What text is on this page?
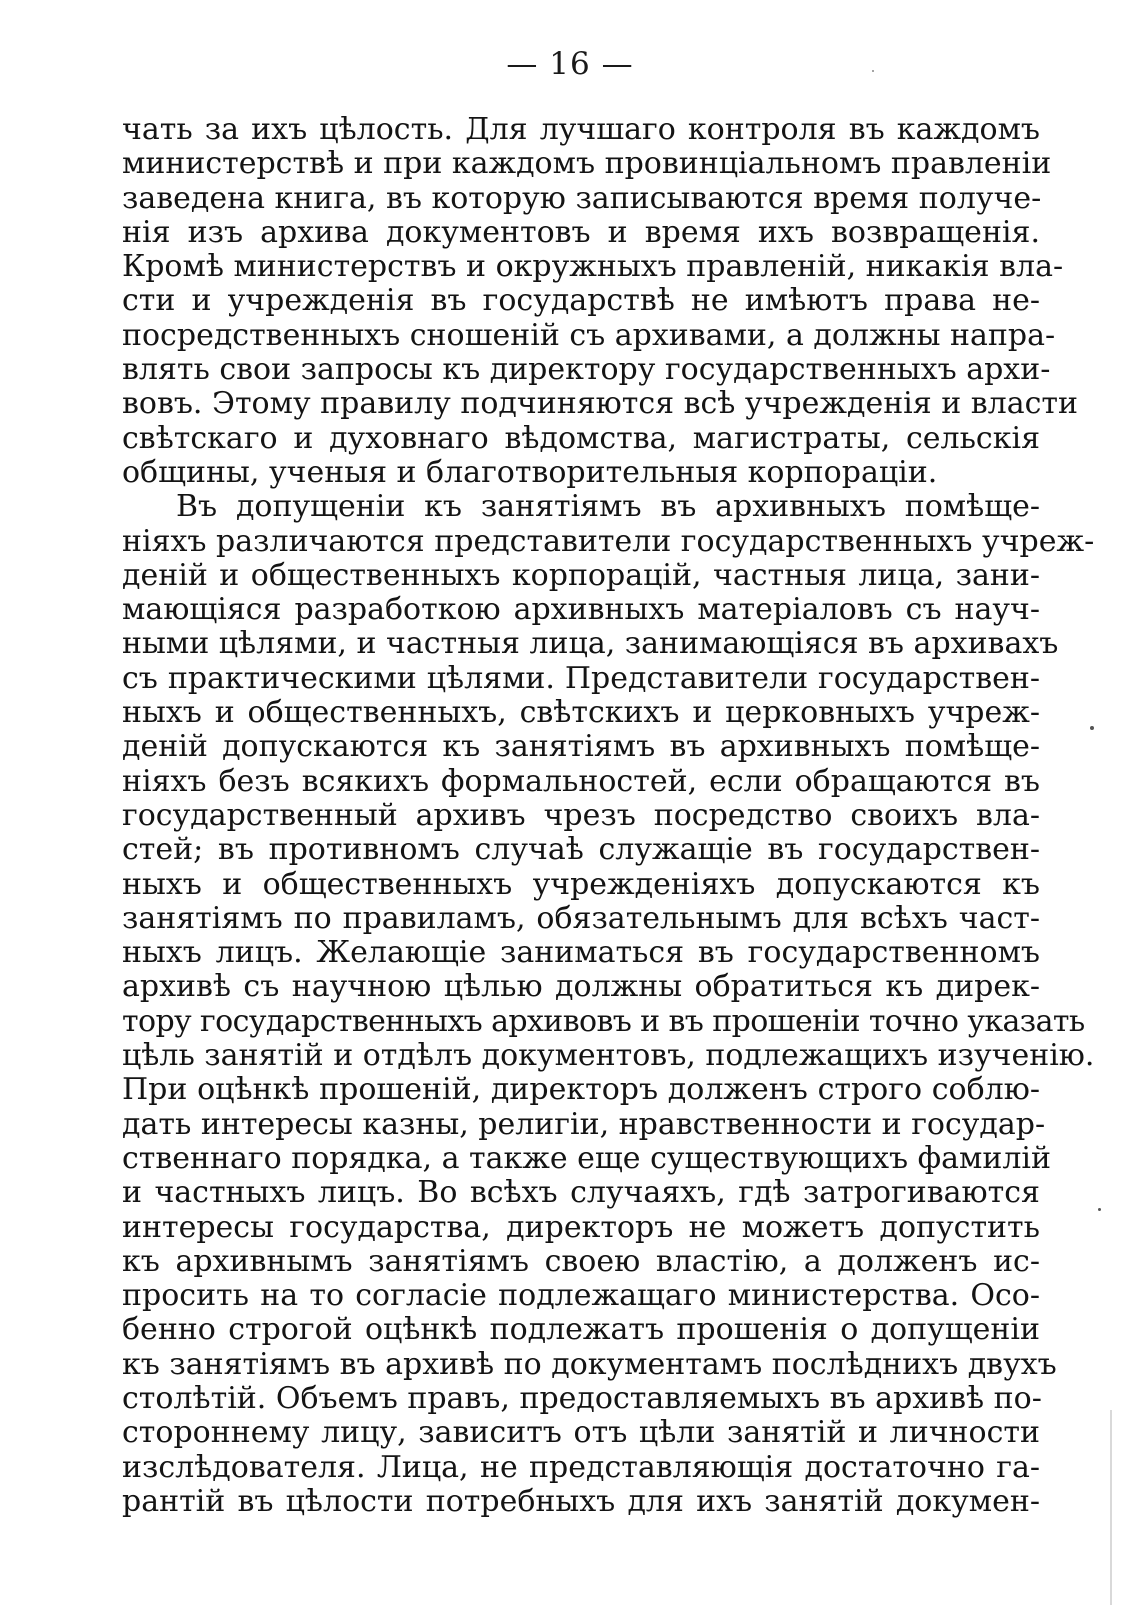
— 16 —
чать за ихъ цѣлость. Для лучшаго контроля въ каждомъ
министерствѣ и при каждомъ провинціальномъ правленіи
заведена книга, въ которую записываются время получе-
нія изъ архива документовъ и время ихъ возвращенія.
Кромѣ министерствъ и окружныхъ правленій, никакія вла-
сти и учрежденія въ государствѣ не имѣютъ права не-
посредственныхъ сношеній съ архивами, а должны напра-
влять свои запросы къ директору государственныхъ архи-
вовъ. Этому правилу подчиняются всѣ учрежденія и власти
свѣтскаго и духовнаго вѣдомства, магистраты, сельскія
общины, ученыя и благотворительныя корпораціи.
Въ допущеніи къ занятіямъ въ архивныхъ помѣще-
ніяхъ различаются представители государственныхъ учреж-
деній и общественныхъ корпорацій, частныя лица, зани-
мающіяся разработкою архивныхъ матеріаловъ съ науч-
ными цѣлями, и частныя лица, занимающіяся въ архивахъ
съ практическими цѣлями. Представители государствен-
ныхъ и общественныхъ, свѣтскихъ и церковныхъ учреж-
деній допускаются къ занятіямъ въ архивныхъ помѣще-
ніяхъ безъ всякихъ формальностей, если обращаются въ
государственный архивъ чрезъ посредство своихъ вла-
стей; въ противномъ случаѣ служащіе въ государствен-
ныхъ и общественныхъ учрежденіяхъ допускаются къ
занятіямъ по правиламъ, обязательнымъ для всѣхъ част-
ныхъ лицъ. Желающіе заниматься въ государственномъ
архивѣ съ научною цѣлью должны обратиться къ дирек-
тору государственныхъ архивовъ и въ прошеніи точно указать
цѣль занятій и отдѣлъ документовъ, подлежащихъ изученію.
При оцѣнкѣ прошеній, директоръ долженъ строго соблю-
дать интересы казны, религіи, нравственности и государ-
ственнаго порядка, а также еще существующихъ фамилій
и частныхъ лицъ. Во всѣхъ случаяхъ, гдѣ затрогиваются
интересы государства, директоръ не можетъ допустить
къ архивнымъ занятіямъ своею властію, а долженъ ис-
просить на то согласіе подлежащаго министерства. Осо-
бенно строгой оцѣнкѣ подлежатъ прошенія о допущеніи
къ занятіямъ въ архивѣ по документамъ послѣднихъ двухъ
столѣтій. Объемъ правъ, предоставляемыхъ въ архивѣ по-
стороннему лицу, зависитъ отъ цѣли занятій и личности
изслѣдователя. Лица, не представляющія достаточно га-
рантій въ цѣлости потребныхъ для ихъ занятій докумен-
